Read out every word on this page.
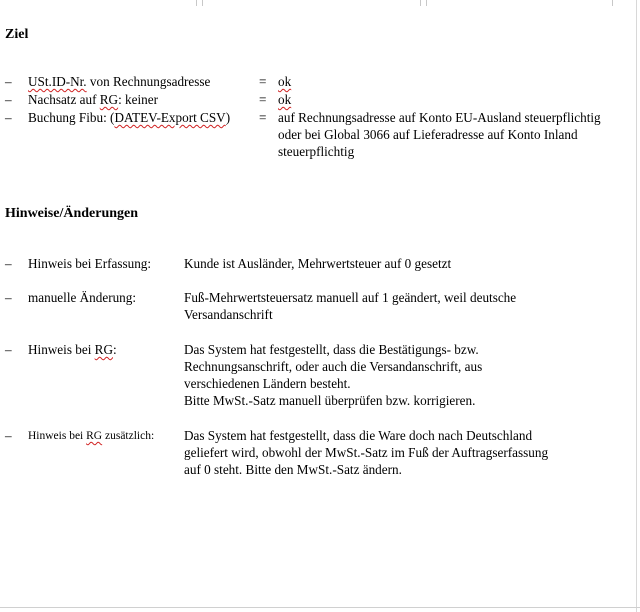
Ziel
– USt.ID-Nr. von Rechnungsadresse	= ok
– Nachsatz auf RG: keiner	= ok
– Buchung Fibu: (DATEV-Export CSV) = auf Rechnungsadresse auf Konto EU-Ausland steuerpflichtig
oder bei Global 3066 auf Lieferadresse auf Konto Inland
steuerpflichtig
Hinweise/Änderungen
– Hinweis bei Erfassung: Kunde ist Ausländer, Mehrwertsteuer auf 0 gesetzt
– manuelle Änderung:	Fuß-Mehrwertsteuersatz manuell auf 1 geändert, weil deutsche
Versandanschrift
– Hinweis bei RG:	Das System hat festgestellt, dass die Bestätigungs- bzw.
Rechnungsanschrift, oder auch die Versandanschrift, aus
verschiedenen Ländern besteht.
Bitte MwSt.-Satz manuell überprüfen bzw. korrigieren.
– Hinweis bei RG zusätzlich: Das System hat festgestellt, dass die Ware doch nach Deutschland
geliefert wird, obwohl der MwSt.-Satz im Fuß der Auftragserfassung
auf 0 steht. Bitte den MwSt.-Satz ändern.
